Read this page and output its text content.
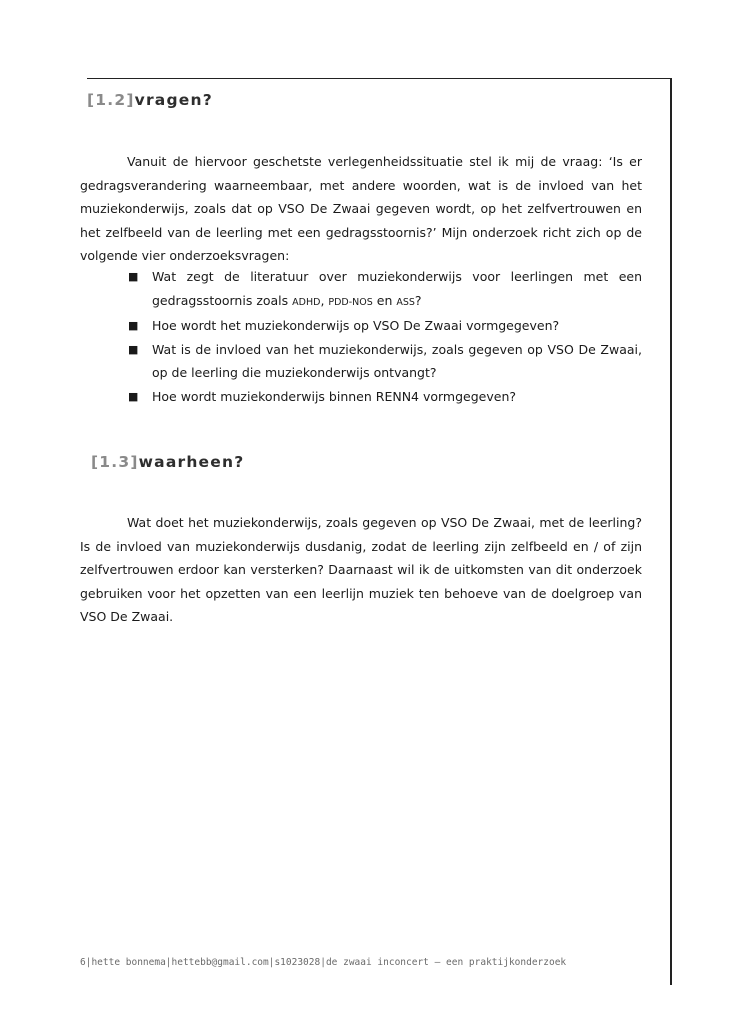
[1.2]vragen?

Vanuit de hiervoor geschetste verlegenheidssituatie stel ik mij de vraag: ‘Is er gedragsverandering waarneembaar, met andere woorden, wat is de invloed van het muziekonderwijs, zoals dat op VSO De Zwaai gegeven wordt, op het zelfvertrouwen en het zelfbeeld van de leerling met een gedragsstoornis?’ Mijn onderzoek richt zich op de volgende vier onderzoeksvragen:

■ Wat zegt de literatuur over muziekonderwijs voor leerlingen met een gedragsstoornis zoals ADHD, PDD-NOS en ASS?
■ Hoe wordt het muziekonderwijs op VSO De Zwaai vormgegeven?
■ Wat is de invloed van het muziekonderwijs, zoals gegeven op VSO De Zwaai, op de leerling die muziekonderwijs ontvangt?
■ Hoe wordt muziekonderwijs binnen RENN4 vormgegeven?
[1.3]waarheen?

Wat doet het muziekonderwijs, zoals gegeven op VSO De Zwaai, met de leerling? Is de invloed van muziekonderwijs dusdanig, zodat de leerling zijn zelfbeeld en / of zijn zelfvertrouwen erdoor kan versterken? Daarnaast wil ik de uitkomsten van dit onderzoek gebruiken voor het opzetten van een leerlijn muziek ten behoeve van de doelgroep van VSO De Zwaai.

6|hette bonnema|hettebb@gmail.com|s1023028|de zwaai inconcert – een praktijkonderzoek
